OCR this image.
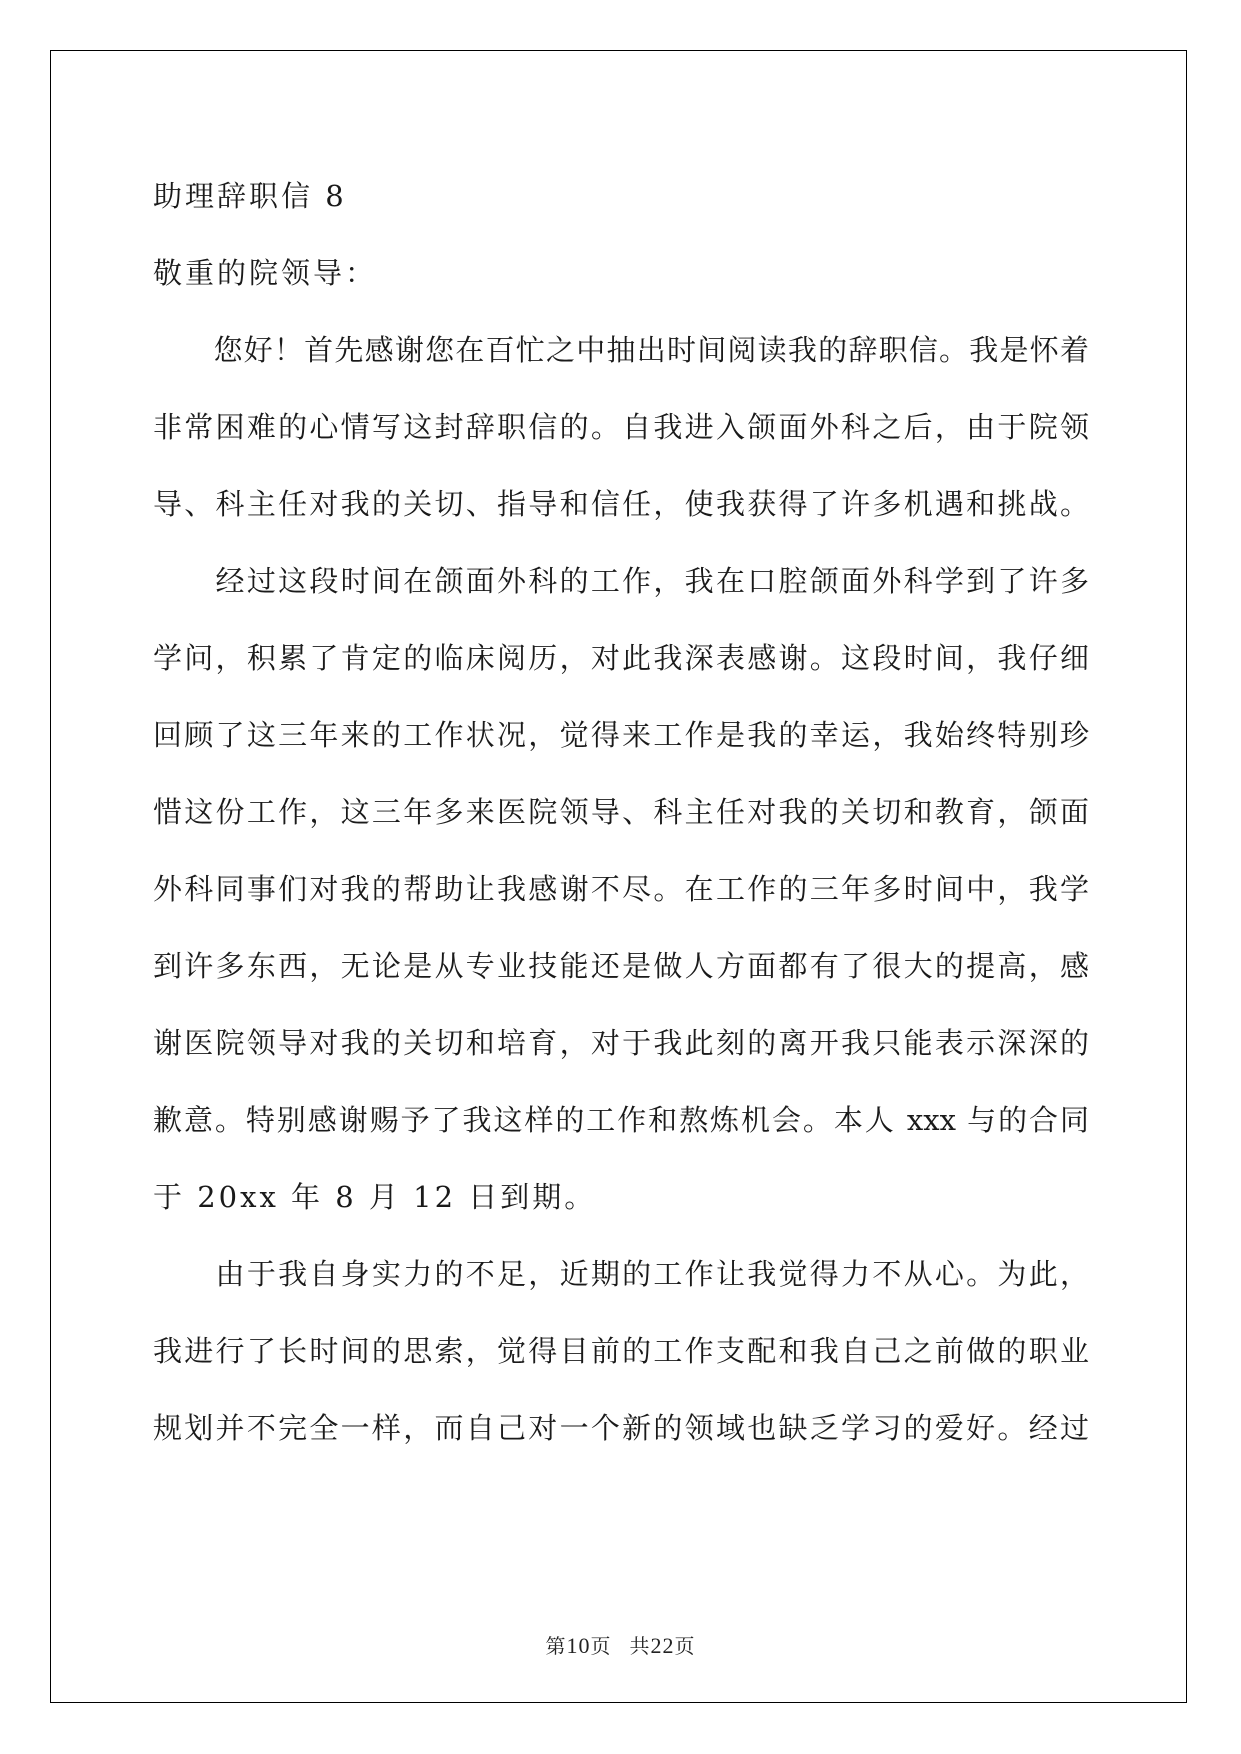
助理辞职信 8
敬重的院领导：
　　您好！首先感谢您在百忙之中抽出时间阅读我的辞职信。我是怀着
非常困难的心情写这封辞职信的。自我进入颌面外科之后，由于院领
导、科主任对我的关切、指导和信任，使我获得了许多机遇和挑战。
　　经过这段时间在颌面外科的工作，我在口腔颌面外科学到了许多
学问，积累了肯定的临床阅历，对此我深表感谢。这段时间，我仔细
回顾了这三年来的工作状况，觉得来工作是我的幸运，我始终特别珍
惜这份工作，这三年多来医院领导、科主任对我的关切和教育，颌面
外科同事们对我的帮助让我感谢不尽。在工作的三年多时间中，我学
到许多东西，无论是从专业技能还是做人方面都有了很大的提高，感
谢医院领导对我的关切和培育，对于我此刻的离开我只能表示深深的
歉意。特别感谢赐予了我这样的工作和熬炼机会。本人 xxx 与的合同
于 20xx 年 8 月 12 日到期。
　　由于我自身实力的不足，近期的工作让我觉得力不从心。为此，
我进行了长时间的思索，觉得目前的工作支配和我自己之前做的职业
规划并不完全一样，而自己对一个新的领域也缺乏学习的爱好。经过
第10页 共22页
